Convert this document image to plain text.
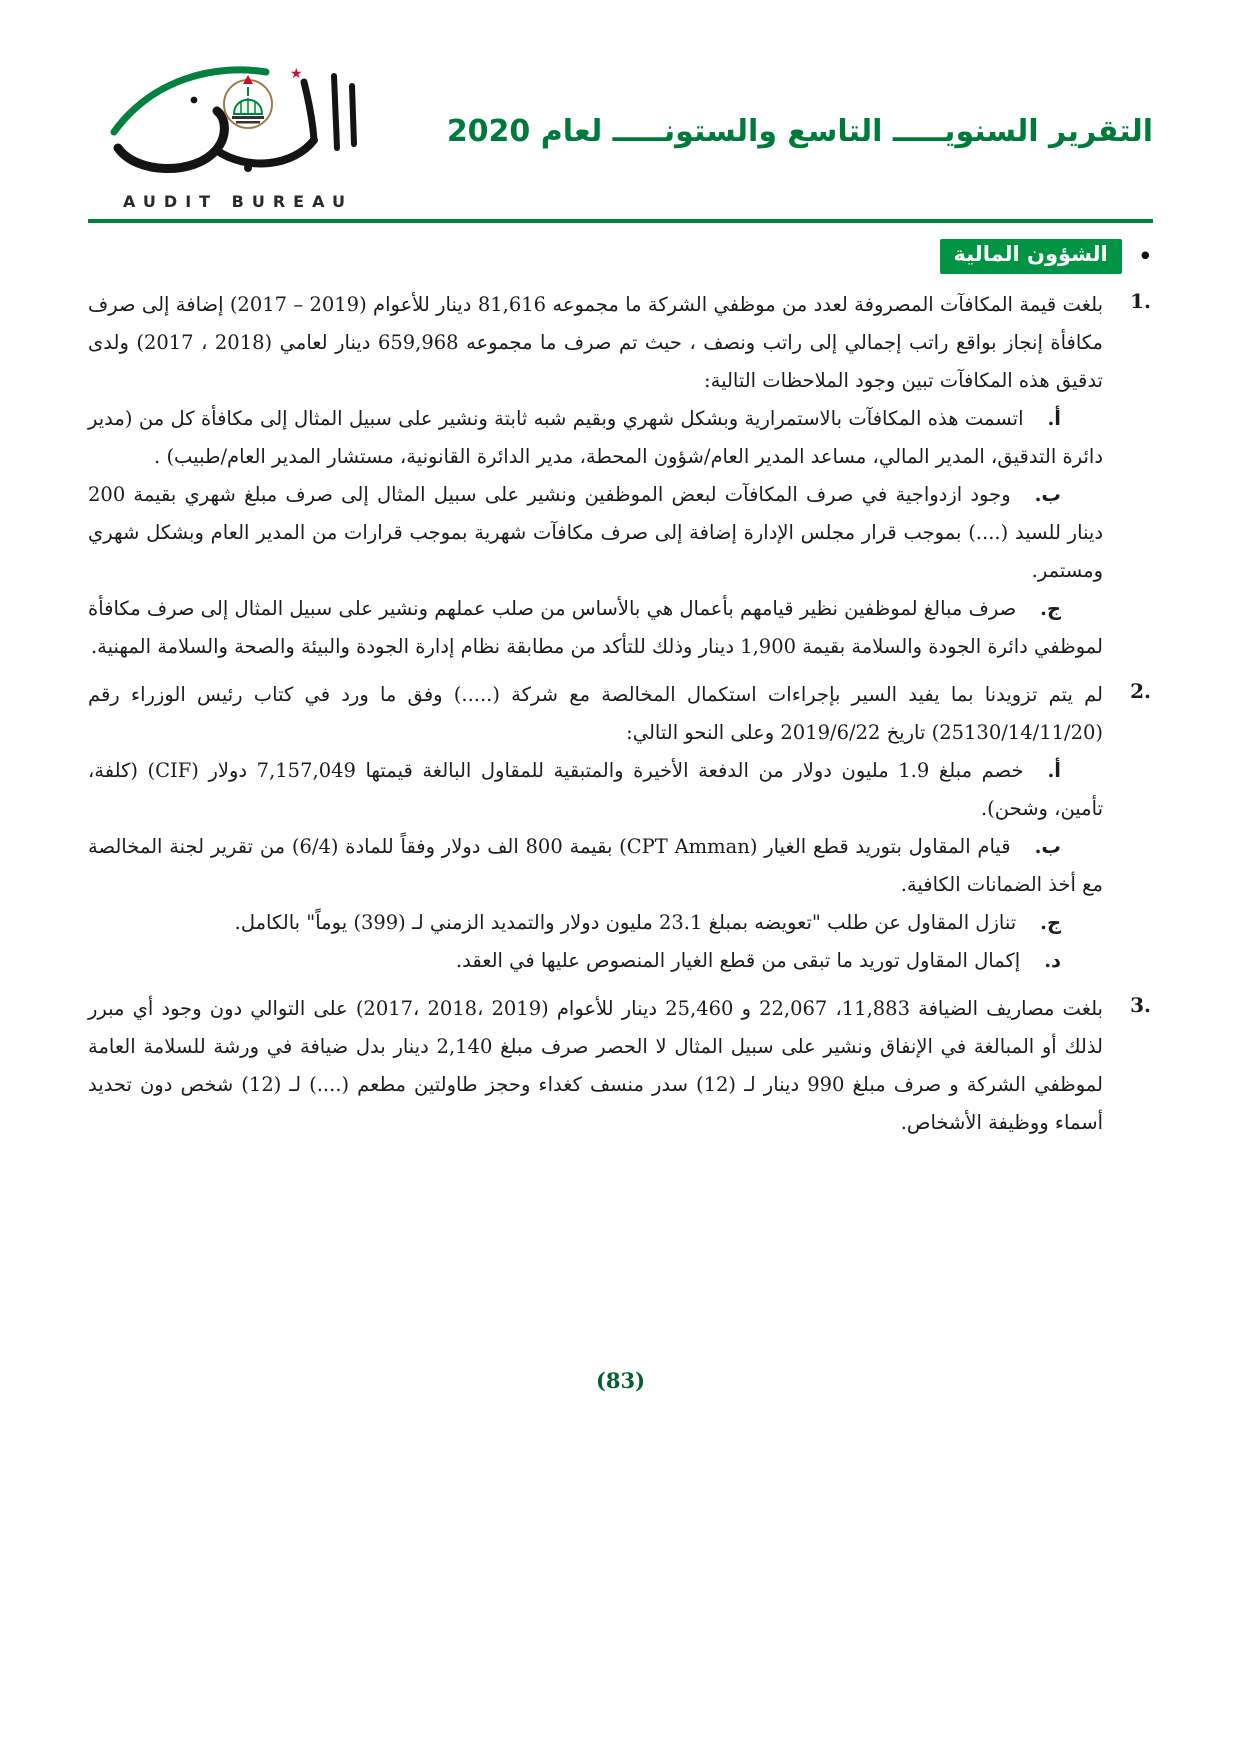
★
AUDIT BUREAU
التقرير السنويـــــ التاسع والستونـــــ لعام 2020
•
الشؤون المالية
1.

بلغت قيمة المكافآت المصروفة لعدد من موظفي الشركة ما مجموعه 81,616 دينار للأعوام ‪(2017 – 2019)‬ إضافة إلى صرف مكافأة إنجاز بواقع راتب إجمالي إلى راتب ونصف ، حيث تم صرف ما مجموعه 659,968 دينار لعامي ‪(2017 ، 2018)‬ ولدى تدقيق هذه المكافآت تبين وجود الملاحظات التالية:

أ.اتسمت هذه المكافآت بالاستمرارية وبشكل شهري وبقيم شبه ثابتة ونشير على سبيل المثال إلى مكافأة كل من (مدير دائرة التدقيق، المدير المالي، مساعد المدير العام/شؤون المحطة، مدير الدائرة القانونية، مستشار المدير العام/طبيب) .

ب.وجود ازدواجية في صرف المكافآت لبعض الموظفين ونشير على سبيل المثال إلى صرف مبلغ شهري بقيمة 200 دينار للسيد (....) بموجب قرار مجلس الإدارة إضافة إلى صرف مكافآت شهرية بموجب قرارات من المدير العام وبشكل شهري ومستمر.

ج.صرف مبالغ لموظفين نظير قيامهم بأعمال هي بالأساس من صلب عملهم ونشير على سبيل المثال إلى صرف مكافأة لموظفي دائرة الجودة والسلامة بقيمة 1,900 دينار وذلك للتأكد من مطابقة نظام إدارة الجودة والبيئة والصحة والسلامة المهنية.

2.

لم يتم تزويدنا بما يفيد السير بإجراءات استكمال المخالصة مع شركة (.....) وفق ما ورد في كتاب رئيس الوزراء رقم (25130/14/11/20) تاريخ 2019/6/22 وعلى النحو التالي:

أ.خصم مبلغ 1.9 مليون دولار من الدفعة الأخيرة والمتبقية للمقاول البالغة قيمتها 7,157,049 دولار (CIF) (كلفة، تأمين، وشحن).

ب.قيام المقاول بتوريد قطع الغيار (CPT Amman) بقيمة 800 الف دولار وفقاً للمادة (6/4) من تقرير لجنة المخالصة مع أخذ الضمانات الكافية.

ج.تنازل المقاول عن طلب "تعويضه بمبلغ 23.1 مليون دولار والتمديد الزمني لـ (399) يوماً" بالكامل.

د.إكمال المقاول توريد ما تبقى من قطع الغيار المنصوص عليها في العقد.

3.

بلغت مصاريف الضيافة 11,883، 22,067 و 25,460 دينار للأعوام ‪(2017، 2018، 2019)‬ على التوالي دون وجود أي مبرر لذلك أو المبالغة في الإنفاق ونشير على سبيل المثال لا الحصر صرف مبلغ 2,140 دينار بدل ضيافة في ورشة للسلامة العامة لموظفي الشركة و صرف مبلغ 990 دينار لـ (12) سدر منسف كغداء وحجز طاولتين مطعم (....) لـ (12) شخص دون تحديد أسماء ووظيفة الأشخاص.

(83)
